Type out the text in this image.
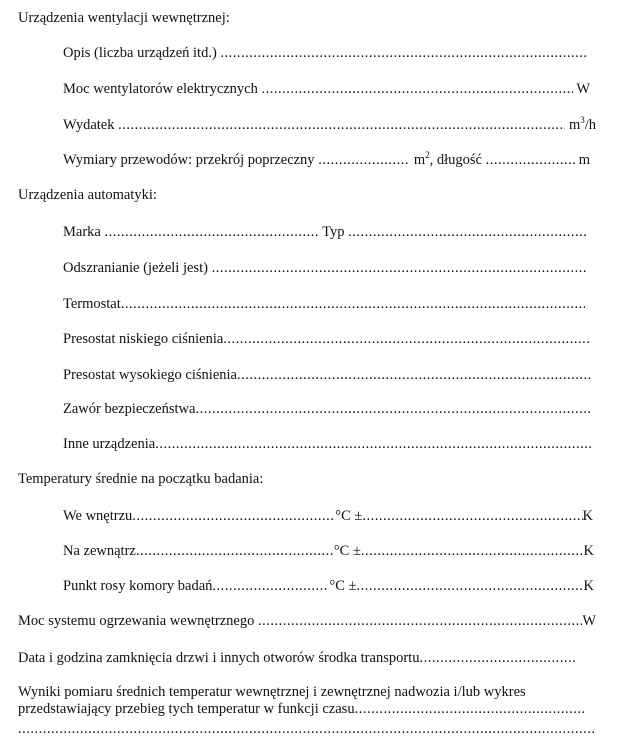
Urządzenia wentylacji wewnętrznej:
Opis (liczba urządzeń itd.)

.....
Moc wentylatorów elektrycznych
.....
	W
Wydatek
.....
	$m^3/h$
Wymiary przewodów: przekrój poprzeczny
.....
	$m^2$ , długość
.....
	m
Urządzenia automatyki:
Marka
.....
	Typ

.....
Odszranianie (jeżeli jest)

.....
Termostat
.....
Presostat niskiego ciśnienia
.....
Presostat wysokiego ciśnienia
.....
Zawór bezpieczeństwa
.....
Inne urządzenia
.....
Temperatury średnie na początku badania:
We wnętrzu .....	°C ± .....	K
Na zewnątrz .....	°C ± .....	K
Punkt rosy komory badań .....	°C ± .....	K
Moc systemu ogrzewania wewnętrznego
.....	W
Data i godzina zamknięcia drzwi i innych otworów środka transportu
.....
Wyniki pomiaru średnich temperatur wewnętrznej i zewnętrznej nadwozia i/lub wykres
przedstawiający przebieg tych temperatur w funkcji czasu
.....
.....
